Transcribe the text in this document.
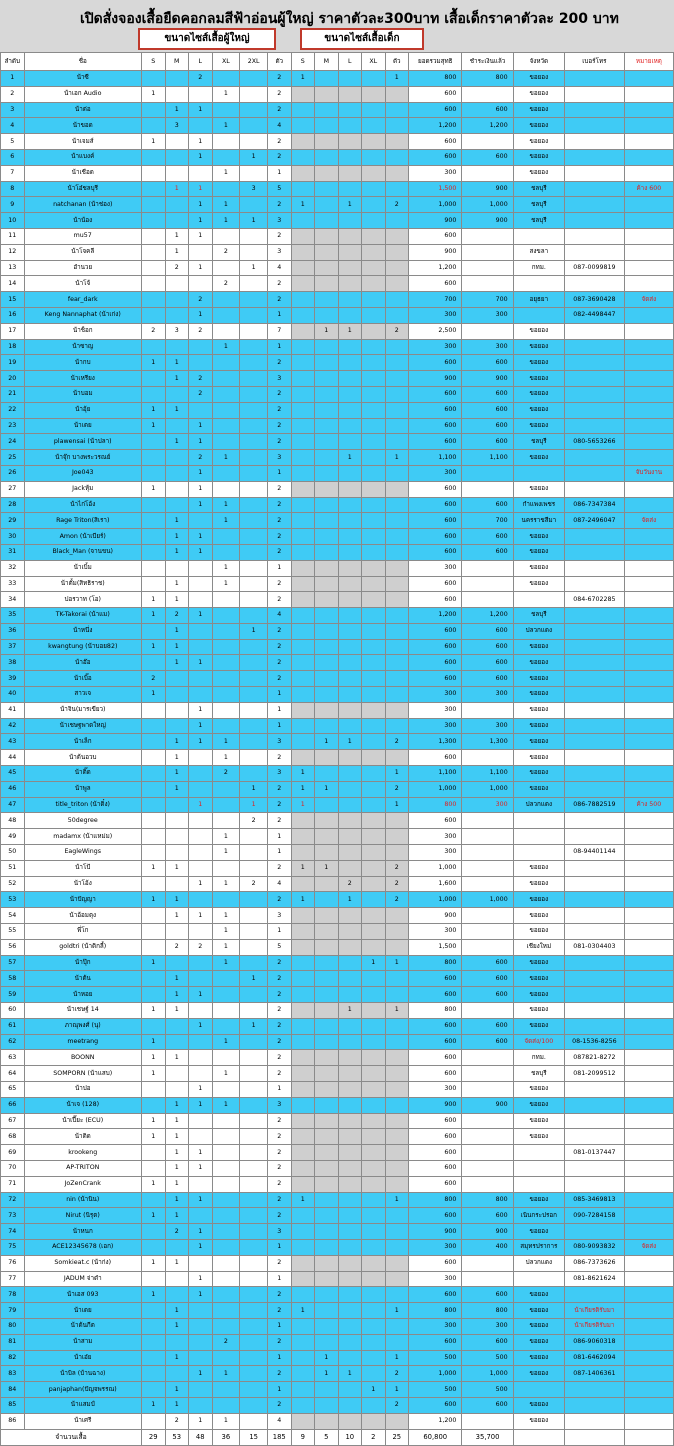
เปิดสั่งจองเสื้อยืดคอกลมสีฟ้าอ่อนผู้ใหญ่ ราคาตัวละ300บาท เสื้อเด็กราคาตัวละ 200 บาท
ขนาดไซส์เสื้อผู้ใหญ่	ขนาดไซส์เสื้อเด็ก
ลำดับ	ชื่อ	S	M	L	XL	2XL	ตัว	S	M	L	XL	ตัว	ยอดรวมสุทธิ	ชำระเงินแล้ว	จังหวัด	เบอร์โทร	หมายเหตุ
1	น้าซี			2			2	1				1	800	800	ขอยอง		
2	น้าเอก Audio	1			1		2						600		ขอยอง		
3	น้าต่อ		1	1			2						600	600	ขอยอง		
4	น้าขอด		3		1		4						1,200	1,200	ขอยอง		
5	น้าเจมส์	1		1			2						600		ขอยอง		
6	น้าแบงค์			1		1	2						600	600	ขอยอง		
7	น้าเชือด				1		1						300		ขอยอง		
8	น้าโอ๋ชลบุรี		1	1		3	5						1,500	900	ชลบุรี		ค้าง 600
9	natchanan (น้าช่อง)			1	1		2	1		1		2	1,000	1,000	ชลบุรี		
10	น้าน้อง			1	1	1	3						900	900	ชลบุรี		
11	mu57		1	1			2						600				
12	น้าโจคลี		1		2		3						900		สงขลา		
13	อำนวย		2	1		1	4						1,200		กทม.	087-0099819	
14	น้าโจ้				2		2						600				
15	fear_dark			2			2						700	700	อยุธยา	087-3690428	จัดส่ง
16	Keng Nannaphat (น้าเก่ง)			1			1						300	300		082-4498447	
17	น้าช็อก	2	3	2			7		1	1		2	2,500		ขอยอง		
18	น้าซาญ				1		1						300	300	ขอยอง		
19	น้ากบ	1	1				2						600	600	ขอยอง		
20	น้าเหรียง		1	2			3						900	900	ขอยอง		
21	น้าบอม			2			2						600	600	ขอยอง		
22	น้าอุ้ย	1	1				2						600	600	ขอยอง		
23	น้าเตย	1		1			2						600	600	ขอยอง		
24	plawensai (น้าปลา)		1	1			2						600	600	ชลบุรี	080-5653266	
25	น้าจุ๊ก บางพระวรณย์			2	1		3			1		1	1,100	1,100	ขอยอง		
26	Joe043			1			1						300				จับวันงาน
27	Jackหุ้ม	1		1			2						600		ขอยอง		
28	น้าไก่โอ้ง			1	1		2						600	600	กำแพงเพชร	086-7347384	
29	Rage Triton(สิเรา)		1		1		2						600	700	นครราชสีมา	087-2496047	จัดส่ง
30	Amon (น้าเบียร์)		1	1			2						600	600	ขอยอง		
31	Black_Man (จานขน)		1	1			2						600	600	ขอยอง		
32	น้าเบิ้ม				1		1						300		ขอยอง		
33	น้าตั้ม(สิทธิราช)		1		1		2						600		ขอยอง		
34	ปอรวาท (โอ)	1	1				2						600			084-6702285	
35	TK-Takorai (น้าแม)	1	2	1			4						1,200	1,200	ชลบุรี		
36	น้าหนึ่ง		1			1	2						600	600	ปลวกแดง		
37	kwangtung (น้าบอย82)	1	1				2						600	600	ขอยอง		
38	น้าฮ๊อ		1	1			2						600	600	ขอยอง		
39	น้าเบิ๊อ	2					2						600	600	ขอยอง		
40	สาวเจ	1					1						300	300	ขอยอง		
41	น้าจิน(มารเขียว)			1			1						300		ขอยอง		
42	น้าเชษฐพาดใหญ่			1			1						300	300	ขอยอง		
43	น้าเล็ก		1	1	1		3		1	1		2	1,300	1,300	ขอยอง		
44	น้าต้นอวบ		1		1		2						600		ขอยอง		
45	น้าติ๊ด		1		2		3	1				1	1,100	1,100	ขอยอง		
46	น้าพูล		1			1	2	1	1			2	1,000	1,000	ขอยอง		
47	title_triton (น้าติ๋ง)			1		1	2	1				1	800	300	ปลวกแดง	086-7882519	ค้าง 500
48	50degree					2	2						600				
49	madamx (น้าแหม่ม)				1		1						300				
50	EagleWings				1		1						300			08-94401144	
51	น้าโป้	1	1				2	1	1			2	1,000		ขอยอง		
52	น้าโอ้ง			1	1	2	4			2		2	1,600		ขอยอง		
53	น้าปัญญา	1	1				2	1		1		2	1,000	1,000	ขอยอง		
54	น้าอ้อมตุง		1	1	1		3						900		ขอยอง		
55	พี่โก				1		1						300		ขอยอง		
56	goldtri (น้าติกลี้)		2	2	1		5						1,500		เชียงใหม่	081-0304403	
57	น้าปุ๊ก	1			1		2				1	1	800	600	ขอยอง		
58	น้าต้น		1			1	2						600	600	ขอยอง		
59	น้าหอย		1	1			2						600	600	ขอยอง		
60	น้าเชษฐ์ 14	1	1				2			1		1	800		ขอยอง		
61	ภาณุพงศ์ (นุ)			1		1	2						600	600	ขอยอง		
62	meetrang	1			1		2						600	600	จัดส่ง/100	08-1536-8256	
63	BOONN	1	1				2						600		กทม.	087821-8272	
64	SOMPORN (น้าแสบ)	1			1		2						600		ชลบุรี	081-2099512	
65	น้าปอ			1			1						300		ขอยอง		
66	น้าเจ (128)		1	1	1		3						900	900	ขอยอง		
67	น้าเปี๊ยะ (ECU)	1	1				2						600		ขอยอง		
68	น้าติด	1	1				2						600		ขอยอง		
69	krookeng		1	1			2						600			081-0137447	
70	AP-TRITON		1	1			2						600				
71	JoZenCrank	1	1				2						600				
72	nin (น้านิน)		1	1			2	1				1	800	800	ขอยอง	085-3469813	
73	Nirut (นิรุต)	1	1				2						600	600	เนินกระปรอก	090-7284158	
74	น้าหนก		2	1			3						900	900	ขอยอง		
75	ACE12345678 (เอก)			1			1						300	400	สมุทรปราการ	080-9093832	จัดส่ง
76	Somkieat.c (น้าก่ง)	1	1				2						600		ปลวกแดง	086-7373626	
77	JADUM จ่าดำ			1			1						300			081-8621624	
78	น้าเอส 093	1		1			2						600	600	ขอยอง		
79	น้าเดย		1				2	1				1	800	800	ขอยอง	น้าเกียรติรับมา	
80	น้าต้นกีต		1				1						300	300	ขอยอง	น้าเกียรติรับมา	
81	น้าสาม				2		2						600	600	ขอยอง	086-9060318	
82	น้าเอ๋ย		1				1		1			1	500	500	ขอยอง	081-6462094	
83	น้าบิล (บ้านฉาง)			1	1		2		1	1		2	1,000	1,000	ขอยอง	087-1406361	
84	panjaphan(ปัญจพรรณ)		1				1				1	1	500	500			
85	น้าแสมป์	1	1				2					2	600	600	ขอยอง		
86	น้าเศรี		2	1	1		4						1,200		ขอยอง		
จำนวนเสื้อ		29	53	48	36	15	185	9	5	10	2	25	60,800	35,700			
